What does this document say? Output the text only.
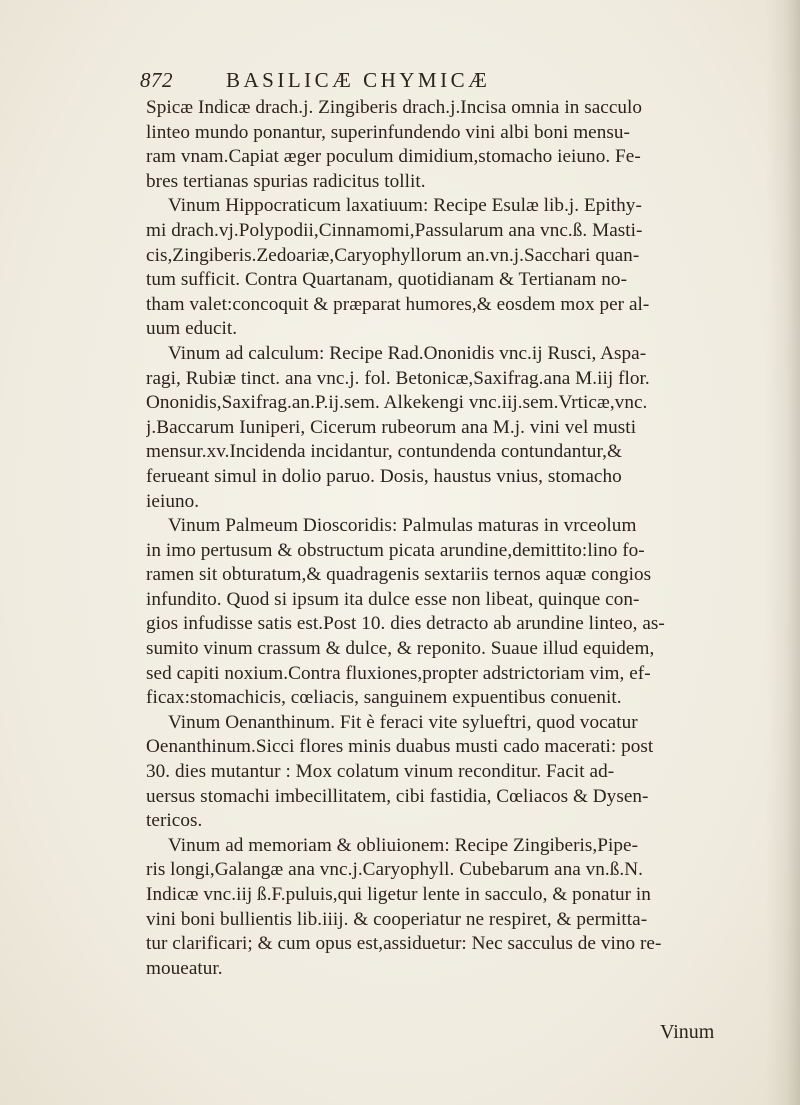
872	BASILICÆ CHYMICÆ
Spicæ Indicæ drach.j. Zingiberis drach.j.Incisa omnia in sacculo
linteo mundo ponantur, superinfundendo vini albi boni mensu-
ram vnam.Capiat æger poculum dimidium,stomacho ieiuno. Fe-
bres tertianas spurias radicitus tollit.
Vinum Hippocraticum laxatiuum: Recipe Esulæ lib.j. Epithy-
mi drach.vj.Polypodii,Cinnamomi,Passularum ana vnc.ß. Masti-
cis,Zingiberis.Zedoariæ,Caryophyllorum an.vn.j.Sacchari quan-
tum sufficit. Contra Quartanam, quotidianam & Tertianam no-
tham valet:concoquit & præparat humores,& eosdem mox per al-
uum educit.
Vinum ad calculum: Recipe Rad.Ononidis vnc.ij Rusci, Aspa-
ragi, Rubiæ tinct. ana vnc.j. fol. Betonicæ,Saxifrag.ana M.iij flor.
Ononidis,Saxifrag.an.P.ij.sem. Alkekengi vnc.iij.sem.Vrticæ,vnc.
j.Baccarum Iuniperi, Cicerum rubeorum ana M.j. vini vel musti
mensur.xv.Incidenda incidantur, contundenda contundantur,&
ferueant simul in dolio paruo. Dosis, haustus vnius, stomacho
ieiuno.
Vinum Palmeum Dioscoridis: Palmulas maturas in vrceolum
in imo pertusum & obstructum picata arundine,demittito:lino fo-
ramen sit obturatum,& quadragenis sextariis ternos aquæ congios
infundito. Quod si ipsum ita dulce esse non libeat, quinque con-
gios infudisse satis est.Post 10. dies detracto ab arundine linteo, as-
sumito vinum crassum & dulce, & reponito. Suaue illud equidem,
sed capiti noxium.Contra fluxiones,propter adstrictoriam vim, ef-
ficax:stomachicis, cœliacis, sanguinem expuentibus conuenit.
Vinum Oenanthinum. Fit è feraci vite sylueftri, quod vocatur
Oenanthinum.Sicci flores minis duabus musti cado macerati: post
30. dies mutantur : Mox colatum vinum reconditur. Facit ad-
uersus stomachi imbecillitatem, cibi fastidia, Cœliacos & Dysen-
tericos.
Vinum ad memoriam & obliuionem: Recipe Zingiberis,Pipe-
ris longi,Galangæ ana vnc.j.Caryophyll. Cubebarum ana vn.ß.N.
Indicæ vnc.iij ß.F.puluis,qui ligetur lente in sacculo, & ponatur in
vini boni bullientis lib.iiij. & cooperiatur ne respiret, & permitta-
tur clarificari; & cum opus est,assiduetur: Nec sacculus de vino re-
moueatur.
Vinum
